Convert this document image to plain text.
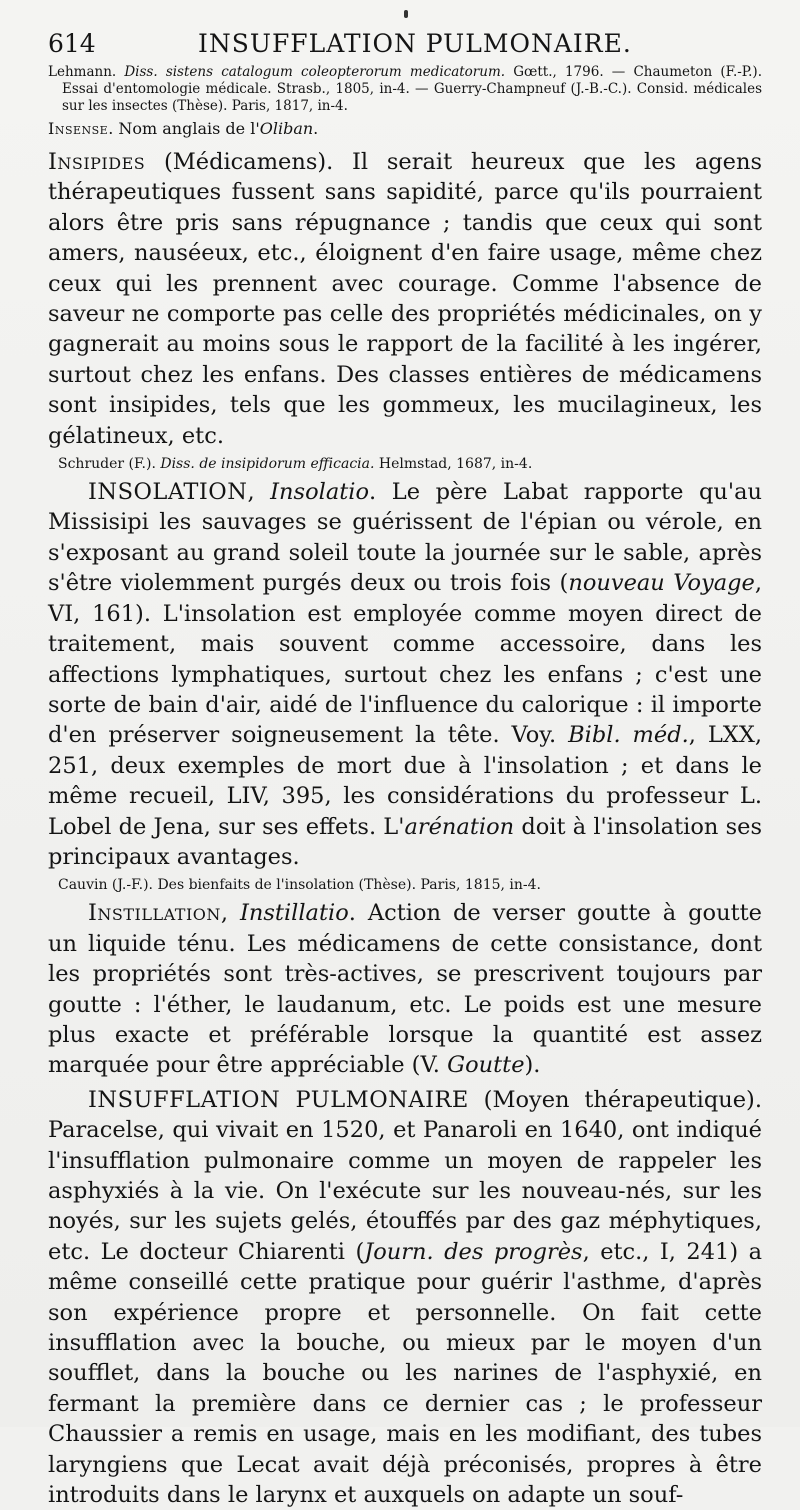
614	INSUFFLATION PULMONAIRE.

Lehmann. Diss. sistens catalogum coleopterorum medicatorum. Gœtt., 1796. — Chaumeton (F.-P.). Essai d'entomologie médicale. Strasb., 1805, in-4. — Guerry-Champneuf (J.-B.-C.). Consid. médicales sur les insectes (Thèse). Paris, 1817, in-4.

Insense. Nom anglais de l'Oliban.

Insipides (Médicamens). Il serait heureux que les agens thérapeutiques fussent sans sapidité, parce qu'ils pourraient alors être pris sans répugnance ; tandis que ceux qui sont amers, nauséeux, etc., éloignent d'en faire usage, même chez ceux qui les prennent avec courage. Comme l'absence de saveur ne comporte pas celle des propriétés médicinales, on y gagnerait au moins sous le rapport de la facilité à les ingérer, surtout chez les enfans. Des classes entières de médicamens sont insipides, tels que les gommeux, les mucilagineux, les gélatineux, etc.

Schruder (F.). Diss. de insipidorum efficacia. Helmstad, 1687, in-4.

INSOLATION, Insolatio. Le père Labat rapporte qu'au Missisipi les sauvages se guérissent de l'épian ou vérole, en s'exposant au grand soleil toute la journée sur le sable, après s'être violemment purgés deux ou trois fois (nouveau Voyage, VI, 161). L'insolation est employée comme moyen direct de traitement, mais souvent comme accessoire, dans les affections lymphatiques, surtout chez les enfans ; c'est une sorte de bain d'air, aidé de l'influence du calorique : il importe d'en préserver soigneusement la tête. Voy. Bibl. méd., LXX, 251, deux exemples de mort due à l'insolation ; et dans le même recueil, LIV, 395, les considérations du professeur L. Lobel de Jena, sur ses effets. L'arénation doit à l'insolation ses principaux avantages.

Cauvin (J.-F.). Des bienfaits de l'insolation (Thèse). Paris, 1815, in-4.

Instillation, Instillatio. Action de verser goutte à goutte un liquide ténu. Les médicamens de cette consistance, dont les propriétés sont très-actives, se prescrivent toujours par goutte : l'éther, le laudanum, etc. Le poids est une mesure plus exacte et préférable lorsque la quantité est assez marquée pour être appréciable (V. Goutte).

INSUFFLATION PULMONAIRE (Moyen thérapeutique). Paracelse, qui vivait en 1520, et Panaroli en 1640, ont indiqué l'insufflation pulmonaire comme un moyen de rappeler les asphyxiés à la vie. On l'exécute sur les nouveau-nés, sur les noyés, sur les sujets gelés, étouffés par des gaz méphytiques, etc. Le docteur Chiarenti (Journ. des progrès, etc., I, 241) a même conseillé cette pratique pour guérir l'asthme, d'après son expérience propre et personnelle. On fait cette insufflation avec la bouche, ou mieux par le moyen d'un soufflet, dans la bouche ou les narines de l'asphyxié, en fermant la première dans ce dernier cas ; le professeur Chaussier a remis en usage, mais en les modifiant, des tubes laryngiens que Lecat avait déjà préconisés, propres à être introduits dans le larynx et auxquels on adapte un souf-
